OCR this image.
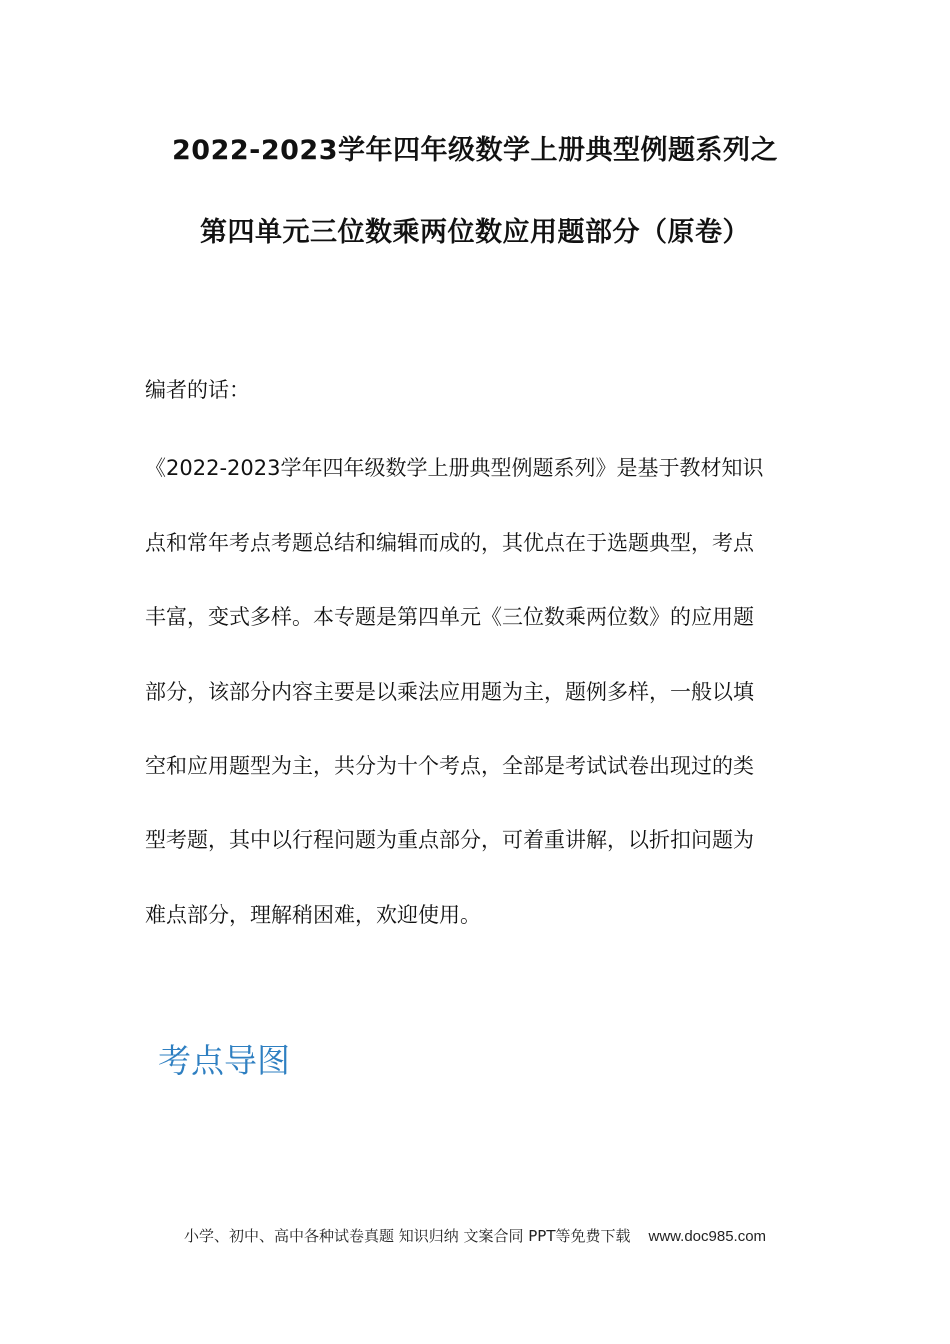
2022-2023学年四年级数学上册典型例题系列之
第四单元三位数乘两位数应用题部分（原卷）
编者的话：
《2022-2023学年四年级数学上册典型例题系列》是基于教材知识
点和常年考点考题总结和编辑而成的，其优点在于选题典型，考点
丰富，变式多样。本专题是第四单元《三位数乘两位数》的应用题
部分，该部分内容主要是以乘法应用题为主，题例多样，一般以填
空和应用题型为主，共分为十个考点，全部是考试试卷出现过的类
型考题，其中以行程问题为重点部分，可着重讲解，以折扣问题为
难点部分，理解稍困难，欢迎使用。
考点导图
小学、初中、高中各种试卷真题 知识归纳 文案合同 PPT等免费下载 www.doc985.com
